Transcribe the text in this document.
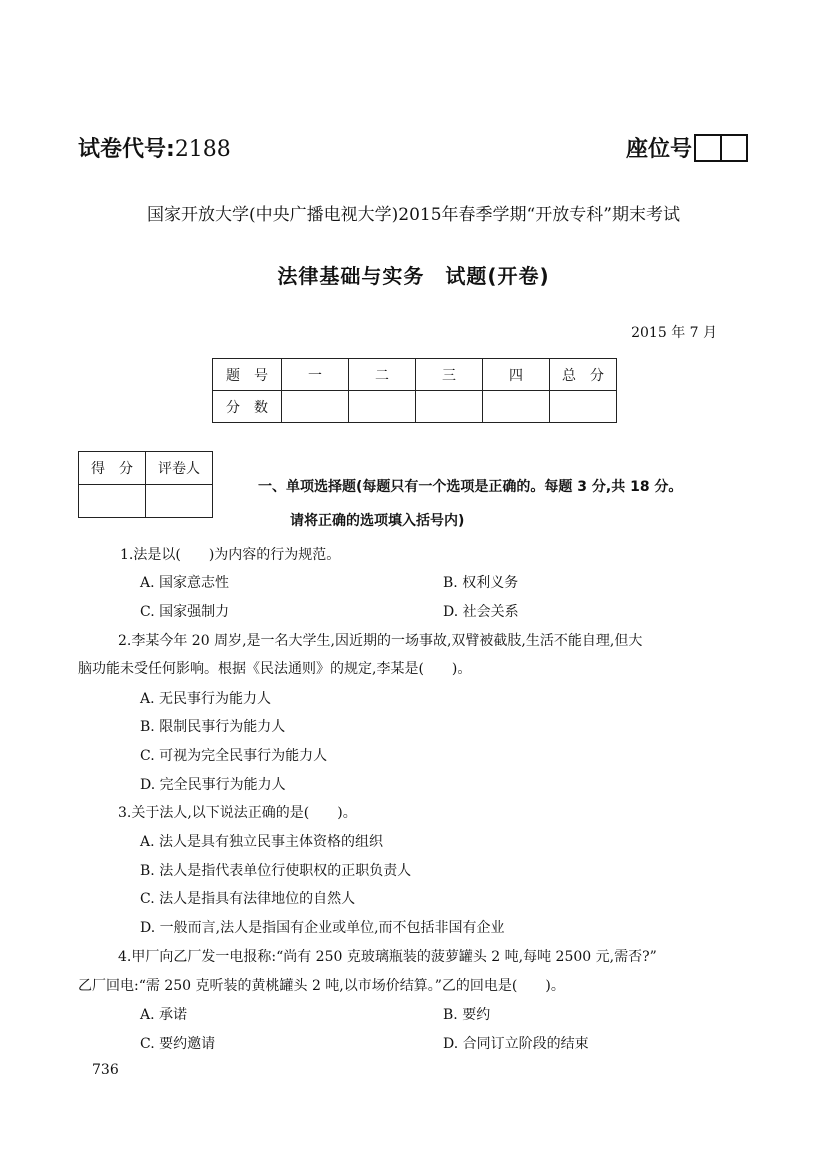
试卷代号:2188	座位号
国家开放大学(中央广播电视大学)2015年春季学期“开放专科”期末考试
法律基础与实务　试题(开卷)
2015 年 7 月
题　号	一	二	三	四	总　分
分　数					
得　分	评卷人

一、单项选择题(每题只有一个选项是正确的。每题 3 分,共 18 分。
请将正确的选项填入括号内)
1.法是以(　　)为内容的行为规范。
A. 国家意志性	B. 权利义务
C. 国家强制力	D. 社会关系
2.李某今年 20 周岁,是一名大学生,因近期的一场事故,双臂被截肢,生活不能自理,但大
脑功能未受任何影响。根据《民法通则》的规定,李某是(　　)。
A. 无民事行为能力人
B. 限制民事行为能力人
C. 可视为完全民事行为能力人
D. 完全民事行为能力人
3.关于法人,以下说法正确的是(　　)。
A. 法人是具有独立民事主体资格的组织
B. 法人是指代表单位行使职权的正职负责人
C. 法人是指具有法律地位的自然人
D. 一般而言,法人是指国有企业或单位,而不包括非国有企业
4.甲厂向乙厂发一电报称:“尚有 250 克玻璃瓶装的菠萝罐头 2 吨,每吨 2500 元,需否?”
乙厂回电:“需 250 克听装的黄桃罐头 2 吨,以市场价结算。”乙的回电是(　　)。
A. 承诺	B. 要约
C. 要约邀请	D. 合同订立阶段的结束
736
